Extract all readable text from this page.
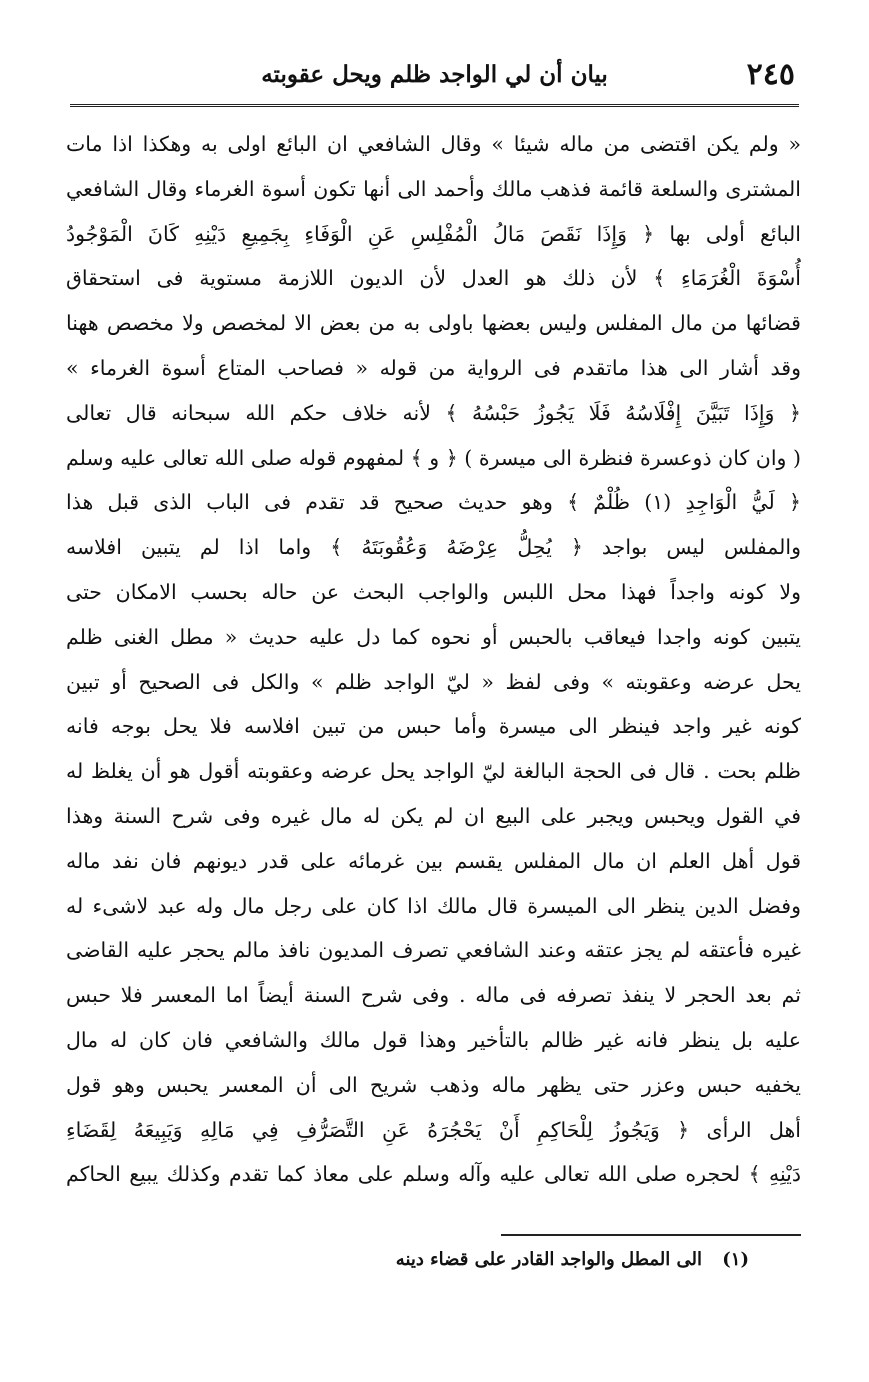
٢٤٥
بيان أن لي الواجد ظلم ويحل عقوبته
« ولم يكن اقتضى من ماله شيئا » وقال الشافعي ان البائع اولى به وهكذا اذا مات
المشترى والسلعة قائمة فذهب مالك وأحمد الى أنها تكون أسوة الغرماء وقال الشافعي
البائع أولى بها ﴿ وَإِذَا نَقَصَ مَالُ الْمُفْلِسِ عَنِ الْوَفَاءِ بِجَمِيعِ دَيْنِهِ كَانَ الْمَوْجُودُ
أُسْوَةَ الْغُرَمَاءِ ﴾ لأن ذلك هو العدل لأن الديون اللازمة مستوية فى استحقاق
قضائها من مال المفلس وليس بعضها باولى به من بعض الا لمخصص ولا مخصص ههنا
وقد أشار الى هذا ماتقدم فى الرواية من قوله « فصاحب المتاع أسوة الغرماء »
﴿ وَإِذَا تَبَيَّنَ إِفْلَاسُهُ فَلَا يَجُوزُ حَبْسُهُ ﴾ لأنه خلاف حكم الله سبحانه قال تعالى
( وان كان ذوعسرة فنظرة الى ميسرة ) ﴿ و ﴾ لمفهوم قوله صلى الله تعالى عليه وسلم
﴿ لَيُّ الْوَاجِدِ (١) ظُلْمٌ ﴾ وهو حديث صحيح قد تقدم فى الباب الذى قبل هذا
والمفلس ليس بواجد ﴿ يُحِلُّ عِرْضَهُ وَعُقُوبَتَهُ ﴾ واما اذا لم يتبين افلاسه
ولا كونه واجداً فهذا محل اللبس والواجب البحث عن حاله بحسب الامكان حتى
يتبين كونه واجدا فيعاقب بالحبس أو نحوه كما دل عليه حديث « مطل الغنى ظلم
يحل عرضه وعقوبته » وفى لفظ « ليّ الواجد ظلم » والكل فى الصحيح أو تبين
كونه غير واجد فينظر الى ميسرة وأما حبس من تبين افلاسه فلا يحل بوجه فانه
ظلم بحت . قال فى الحجة البالغة ليّ الواجد يحل عرضه وعقوبته أقول هو أن يغلظ له
في القول ويحبس ويجبر على البيع ان لم يكن له مال غيره وفى شرح السنة وهذا
قول أهل العلم ان مال المفلس يقسم بين غرمائه على قدر ديونهم فان نفد ماله
وفضل الدين ينظر الى الميسرة قال مالك اذا كان على رجل مال وله عبد لاشىء له
غيره فأعتقه لم يجز عتقه وعند الشافعي تصرف المديون نافذ مالم يحجر عليه القاضى
ثم بعد الحجر لا ينفذ تصرفه فى ماله . وفى شرح السنة أيضاً اما المعسر فلا حبس
عليه بل ينظر فانه غير ظالم بالتأخير وهذا قول مالك والشافعي فان كان له مال
يخفيه حبس وعزر حتى يظهر ماله وذهب شريح الى أن المعسر يحبس وهو قول
أهل الرأى ﴿ وَيَجُوزُ لِلْحَاكِمِ أَنْ يَحْجُرَهُ عَنِ التَّصَرُّفِ فِي مَالِهِ وَيَبِيعَهُ لِقَضَاءِ
دَيْنِهِ ﴾ لحجره صلى الله تعالى عليه وآله وسلم على معاذ كما تقدم وكذلك يبيع الحاكم
(١) الى المطل والواجد القادر على قضاء دينه
